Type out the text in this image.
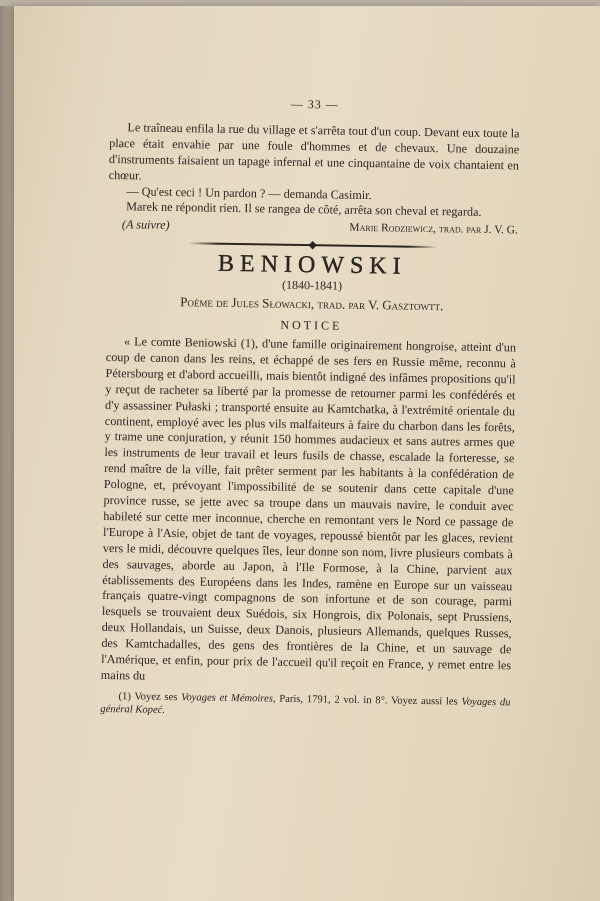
— 33 —

Le traîneau enfila la rue du village et s'arrêta tout d'un coup. Devant eux toute la place était envahie par une foule d'hommes et de chevaux. Une douzaine d'instruments faisaient un tapage infernal et une cinquantaine de voix chantaient en chœur.

— Qu'est ceci ! Un pardon ? — demanda Casimir.

Marek ne répondit rien. Il se rangea de côté, arrêta son cheval et regarda.

(A suivre)	Marie Rodziewicz, trad. par J. V. G.
BENIOWSKI

(1840-1841)

Poème de Jules Słowacki, trad. par V. Gasztowtt.

NOTICE

« Le comte Beniowski (1), d'une famille originairement hongroise, atteint d'un coup de canon dans les reins, et échappé de ses fers en Russie même, reconnu à Pétersbourg et d'abord accueilli, mais bientôt indigné des infâmes propositions qu'il y reçut de racheter sa liberté par la promesse de retourner parmi les confédérés et d'y assassiner Pułaski ; transporté ensuite au Kamtchatka, à l'extrémité orientale du continent, employé avec les plus vils malfaiteurs à faire du charbon dans les forêts, y trame une conjuration, y réunit 150 hommes audacieux et sans autres armes que les instruments de leur travail et leurs fusils de chasse, escalade la forteresse, se rend maître de la ville, fait prêter serment par les habitants à la confédération de Pologne, et, prévoyant l'impossibilité de se soutenir dans cette capitale d'une province russe, se jette avec sa troupe dans un mauvais navire, le conduit avec habileté sur cette mer inconnue, cherche en remontant vers le Nord ce passage de l'Europe à l'Asie, objet de tant de voyages, repoussé bientôt par les glaces, revient vers le midi, découvre quelques îles, leur donne son nom, livre plusieurs combats à des sauvages, aborde au Japon, à l'Ile Formose, à la Chine, parvient aux établissements des Européens dans les Indes, ramène en Europe sur un vaisseau français quatre-vingt compagnons de son infortune et de son courage, parmi lesquels se trouvaient deux Suédois, six Hongrois, dix Polonais, sept Prussiens, deux Hollandais, un Suisse, deux Danois, plusieurs Allemands, quelques Russes, des Kamtchadalles, des gens des frontières de la Chine, et un sauvage de l'Amérique, et enfin, pour prix de l'accueil qu'il reçoit en France, y remet entre les mains du

(1) Voyez ses Voyages et Mémoires, Paris, 1791, 2 vol. in 8°. Voyez aussi les Voyages du général Kopeć.
